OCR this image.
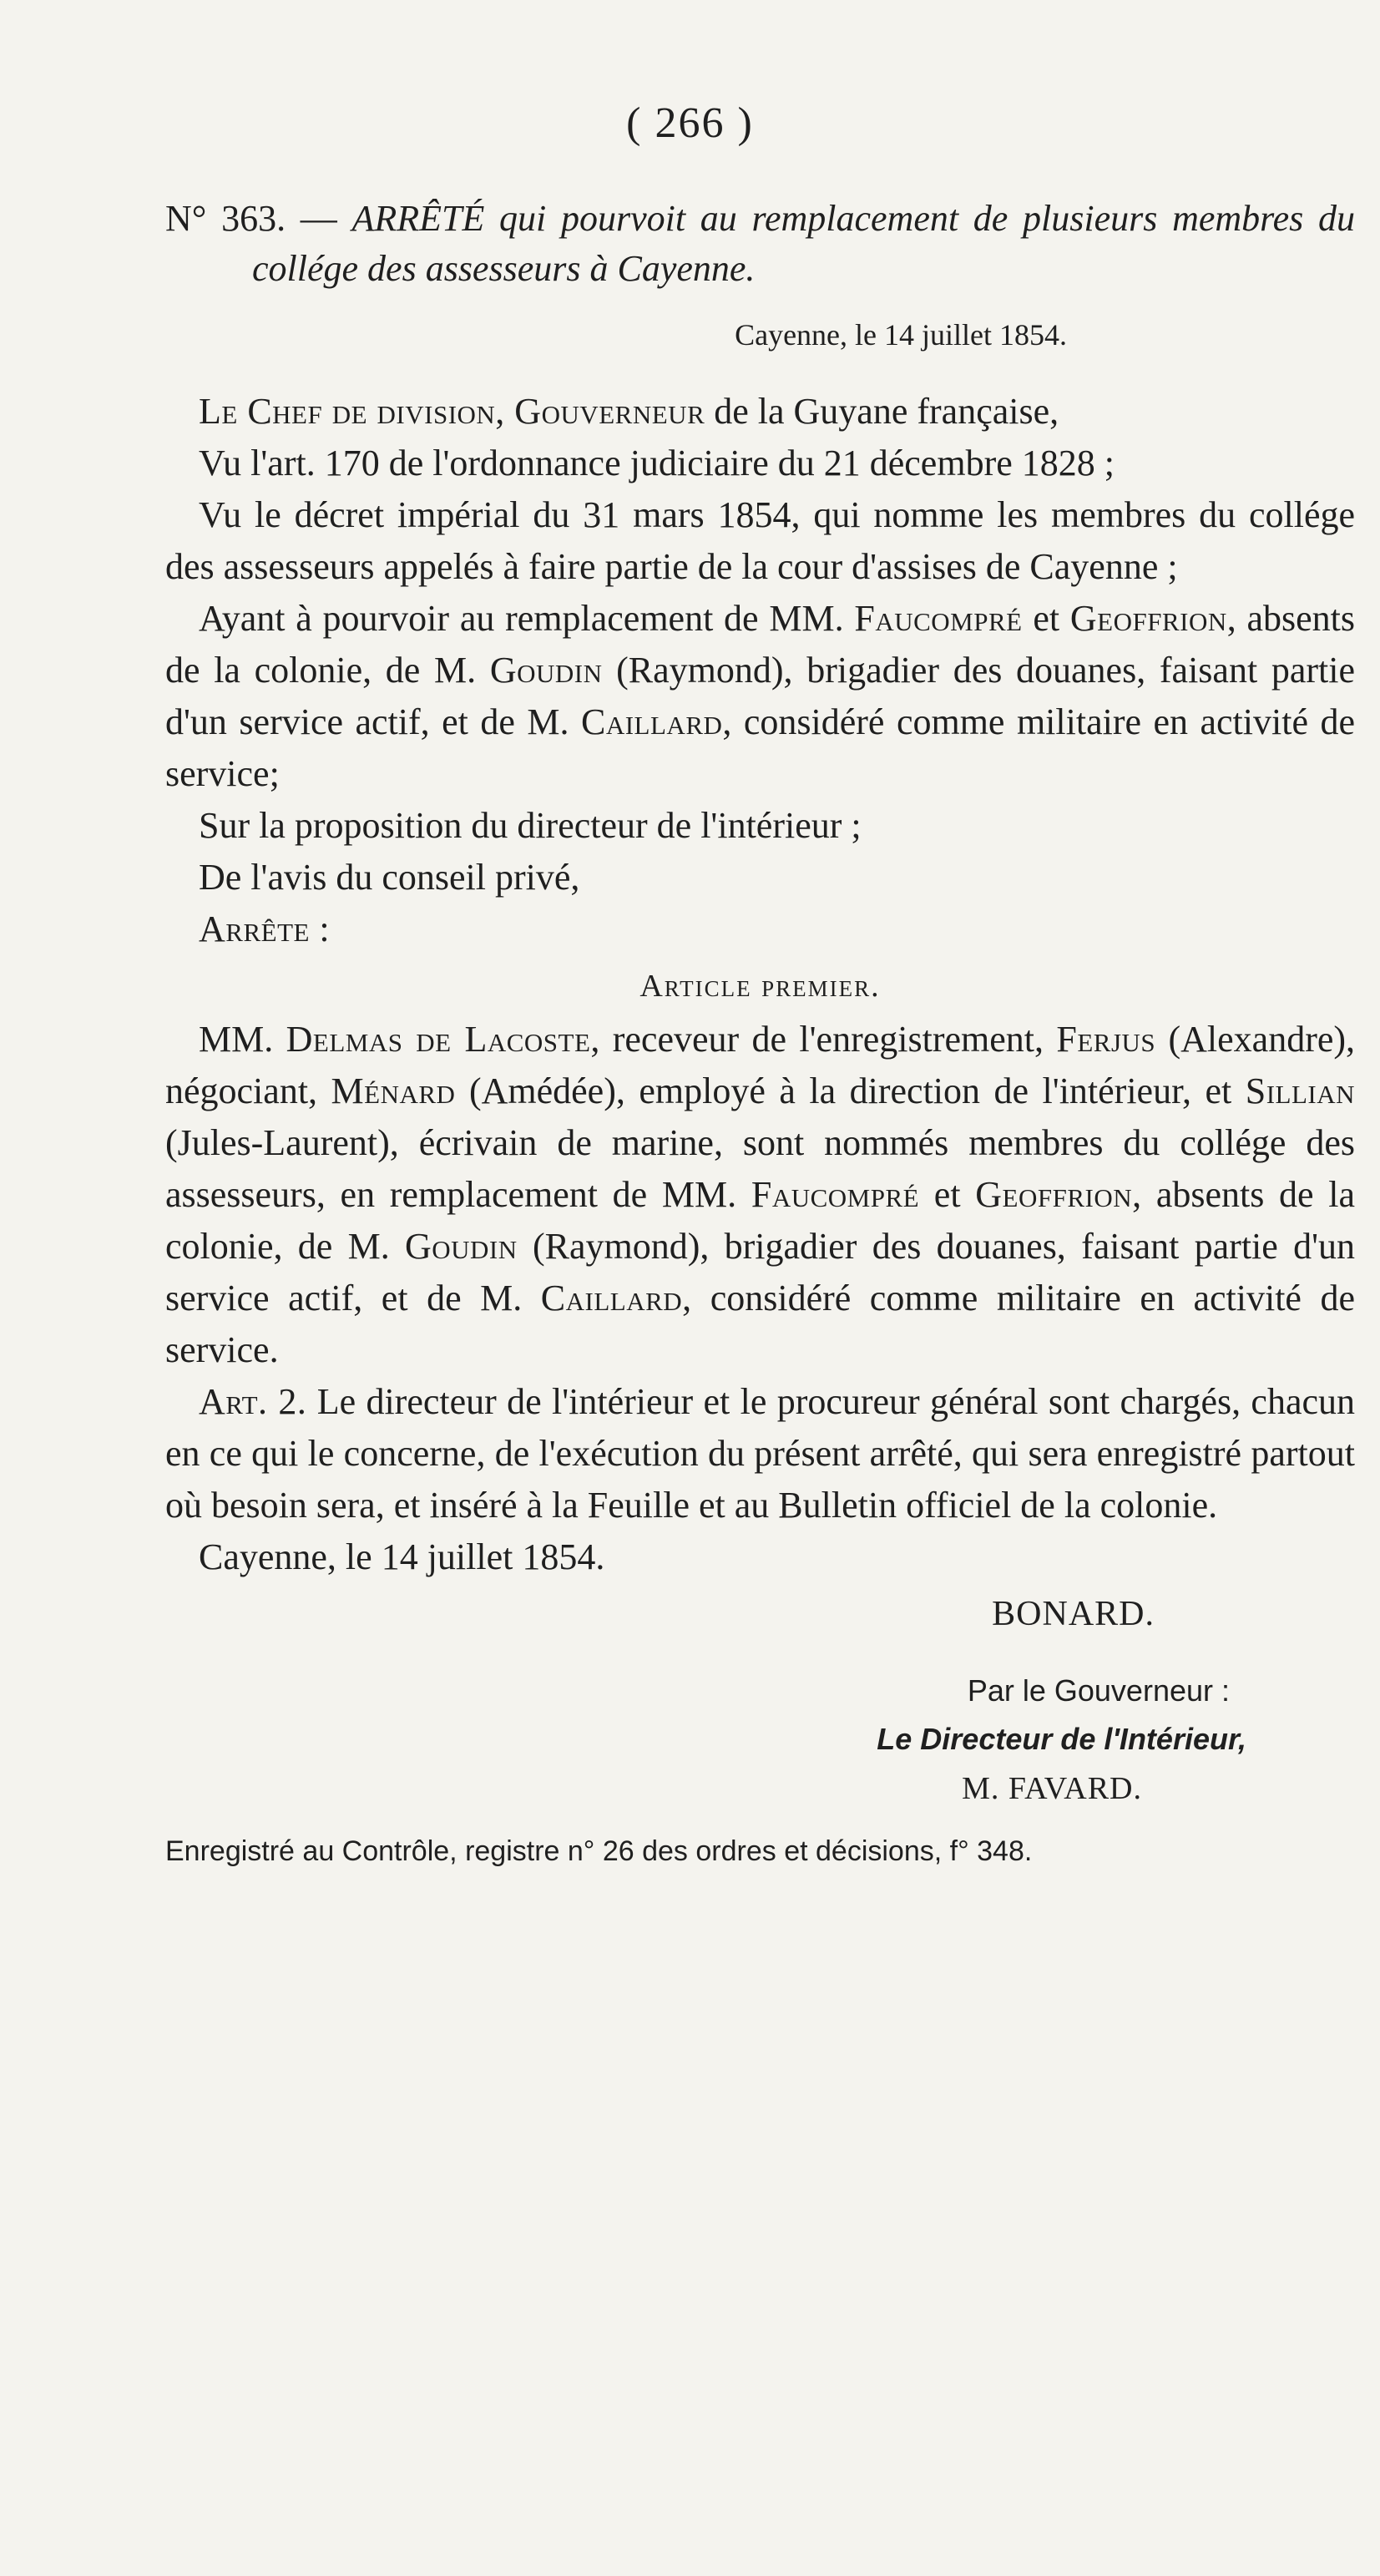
( 266 )

N° 363. — ARRÊTÉ qui pourvoit au remplacement de plusieurs membres du collége des assesseurs à Cayenne.

Cayenne, le 14 juillet 1854.

Le Chef de division, Gouverneur de la Guyane française,

Vu l'art. 170 de l'ordonnance judiciaire du 21 décembre 1828 ;

Vu le décret impérial du 31 mars 1854, qui nomme les membres du collége des assesseurs appelés à faire partie de la cour d'assises de Cayenne ;

Ayant à pourvoir au remplacement de MM. Faucompré et Geoffrion, absents de la colonie, de M. Goudin (Raymond), brigadier des douanes, faisant partie d'un service actif, et de M. Caillard, considéré comme militaire en activité de service;

Sur la proposition du directeur de l'intérieur ;

De l'avis du conseil privé,

Arrête :

Article premier.

MM. Delmas de Lacoste, receveur de l'enregistrement, Ferjus (Alexandre), négociant, Ménard (Amédée), employé à la direction de l'intérieur, et Sillian (Jules-Laurent), écrivain de marine, sont nommés membres du collége des assesseurs, en remplacement de MM. Faucompré et Geoffrion, absents de la colonie, de M. Goudin (Raymond), brigadier des douanes, faisant partie d'un service actif, et de M. Caillard, considéré comme militaire en activité de service.

Art. 2. Le directeur de l'intérieur et le procureur général sont chargés, chacun en ce qui le concerne, de l'exécution du présent arrêté, qui sera enregistré partout où besoin sera, et inséré à la Feuille et au Bulletin officiel de la colonie.

Cayenne, le 14 juillet 1854.

BONARD.

Par le Gouverneur :

Le Directeur de l'Intérieur,

M. FAVARD.

Enregistré au Contrôle, registre n° 26 des ordres et décisions, f° 348.
